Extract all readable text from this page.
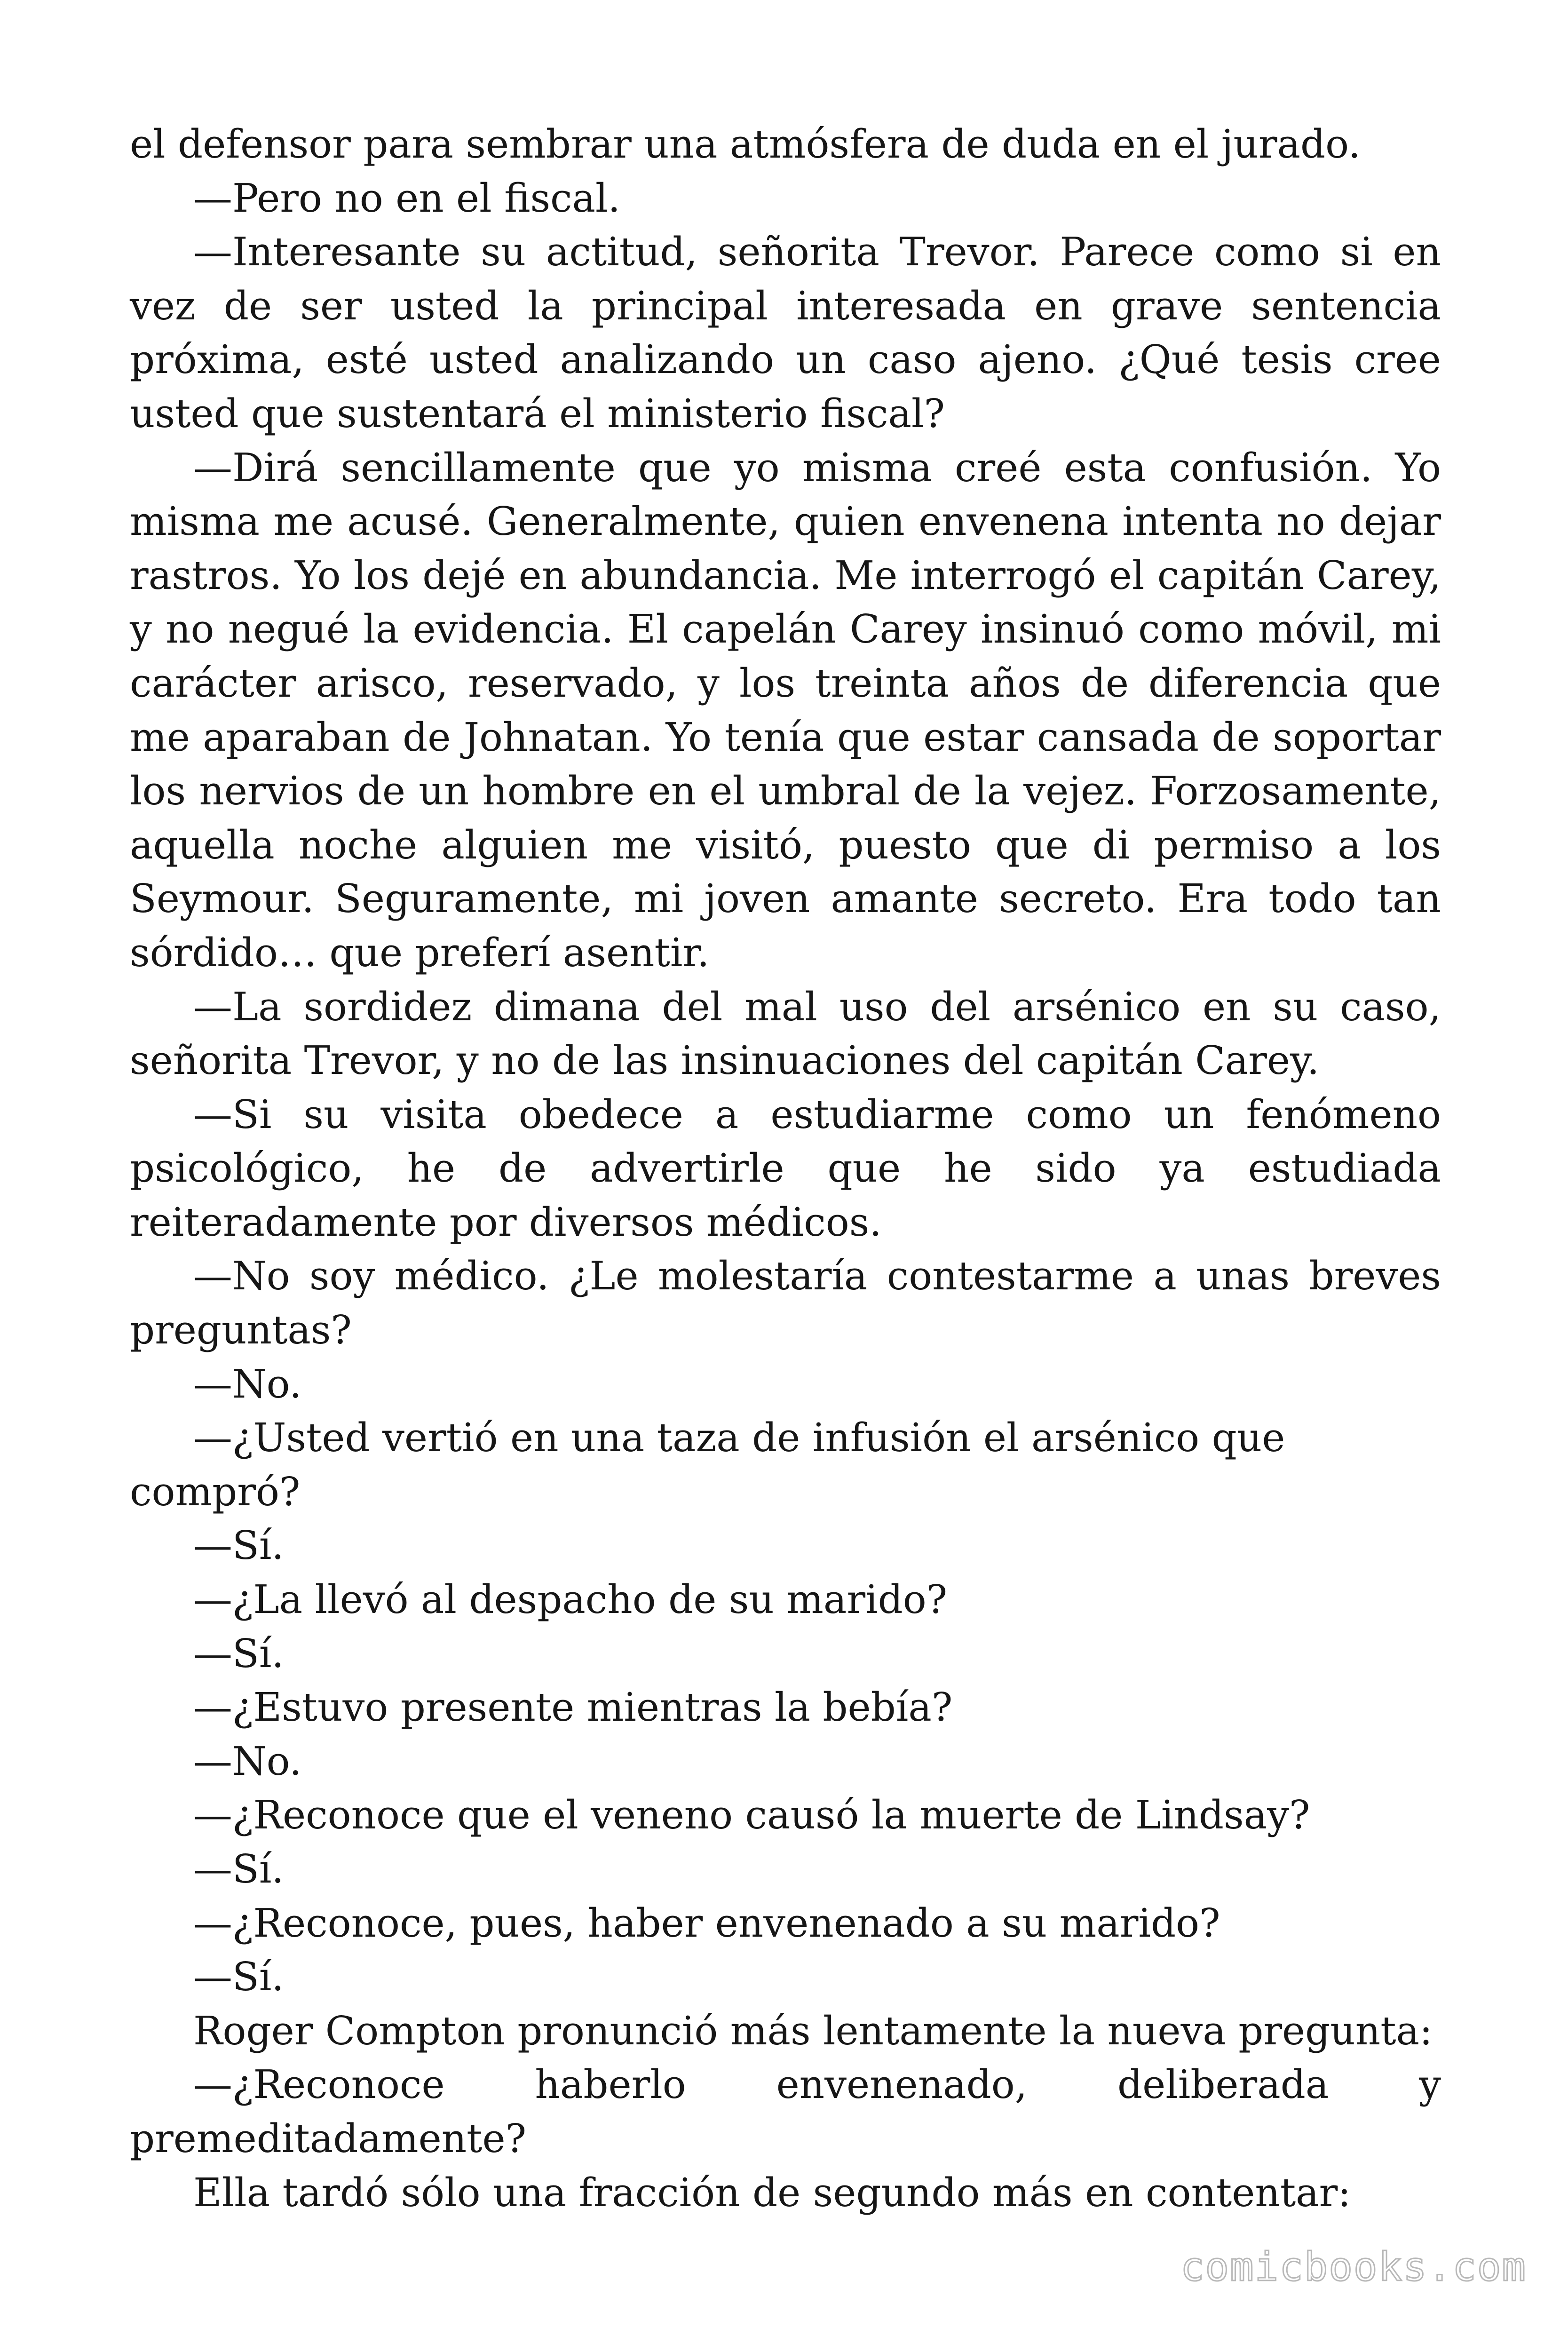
el defensor para sembrar una atmósfera de duda en el jurado.

—Pero no en el fiscal.

—Interesante su actitud, señorita Trevor. Parece como si en vez de ser usted la principal interesada en grave sentencia próxima, esté usted analizando un caso ajeno. ¿Qué tesis cree usted que sustentará el ministerio fiscal?

—Dirá sencillamente que yo misma creé esta confusión. Yo misma me acusé. Generalmente, quien envenena intenta no dejar rastros. Yo los dejé en abundancia. Me interrogó el capitán Carey, y no negué la evidencia. El capelán Carey insinuó como móvil, mi carácter arisco, reservado, y los treinta años de diferencia que me aparaban de Johnatan. Yo tenía que estar cansada de soportar los nervios de un hombre en el umbral de la vejez. Forzosamente, aquella noche alguien me visitó, puesto que di permiso a los Seymour. Seguramente, mi joven amante secreto. Era todo tan sórdido… que preferí asentir.

—La sordidez dimana del mal uso del arsénico en su caso, señorita Trevor, y no de las insinuaciones del capitán Carey.

—Si su visita obedece a estudiarme como un fenómeno psicológico, he de advertirle que he sido ya estudiada reiteradamente por diversos médicos.

—No soy médico. ¿Le molestaría contestarme a unas breves preguntas?

—No.

—¿Usted vertió en una taza de infusión el arsénico que compró?

—Sí.

—¿La llevó al despacho de su marido?

—Sí.

—¿Estuvo presente mientras la bebía?

—No.

—¿Reconoce que el veneno causó la muerte de Lindsay?

—Sí.

—¿Reconoce, pues, haber envenenado a su marido?

—Sí.

Roger Compton pronunció más lentamente la nueva pregunta:

—¿Reconoce haberlo envenenado, deliberada y premeditadamente?

Ella tardó sólo una fracción de segundo más en contentar:

comicbooks.com
